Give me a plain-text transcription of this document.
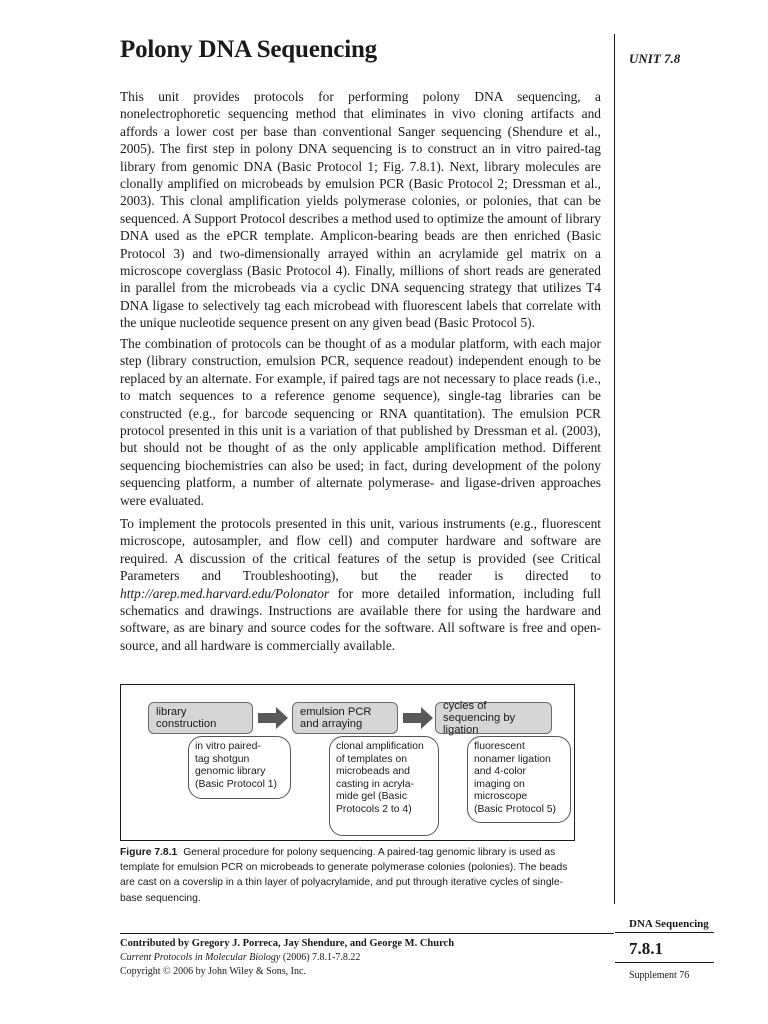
Polony DNA Sequencing	UNIT 7.8

This unit provides protocols for performing polony DNA sequencing, a nonelectrophoretic sequencing method that eliminates in vivo cloning artifacts and affords a lower cost per base than conventional Sanger sequencing (Shendure et al., 2005). The first step in polony DNA sequencing is to construct an in vitro paired-tag library from genomic DNA (Basic Protocol 1; Fig. 7.8.1). Next, library molecules are clonally amplified on microbeads by emulsion PCR (Basic Protocol 2; Dressman et al., 2003). This clonal amplification yields polymerase colonies, or polonies, that can be sequenced. A Support Protocol describes a method used to optimize the amount of library DNA used as the ePCR template. Amplicon-bearing beads are then enriched (Basic Protocol 3) and two-dimensionally arrayed within an acrylamide gel matrix on a microscope coverglass (Basic Protocol 4). Finally, millions of short reads are generated in parallel from the microbeads via a cyclic DNA sequencing strategy that utilizes T4 DNA ligase to selectively tag each microbead with fluorescent labels that correlate with the unique nucleotide sequence present on any given bead (Basic Protocol 5).

The combination of protocols can be thought of as a modular platform, with each major step (library construction, emulsion PCR, sequence readout) independent enough to be replaced by an alternate. For example, if paired tags are not necessary to place reads (i.e., to match sequences to a reference genome sequence), single-tag libraries can be constructed (e.g., for barcode sequencing or RNA quantitation). The emulsion PCR protocol presented in this unit is a variation of that published by Dressman et al. (2003), but should not be thought of as the only applicable amplification method. Different sequencing biochemistries can also be used; in fact, during development of the polony sequencing platform, a number of alternate polymerase- and ligase-driven approaches were evaluated.

To implement the protocols presented in this unit, various instruments (e.g., fluorescent microscope, autosampler, and flow cell) and computer hardware and software are required. A discussion of the critical features of the setup is provided (see Critical Parameters and Troubleshooting), but the reader is directed to http://arep.med.harvard.edu/Polonator for more detailed information, including full schematics and drawings. Instructions are available there for using the hardware and software, as are binary and source codes for the software. All software is free and open-source, and all hardware is commercially available.

library construction
emulsion PCR and arraying
cycles of sequencing by ligation
in vitro paired-
tag shotgun
genomic library
(Basic Protocol 1)
clonal amplification
of templates on
microbeads and
casting in acryla-
mide gel (Basic
Protocols 2 to 4)
fluorescent
nonamer ligation
and 4-color
imaging on
microscope
(Basic Protocol 5)

Figure 7.8.1 General procedure for polony sequencing. A paired-tag genomic library is used as template for emulsion PCR on microbeads to generate polymerase colonies (polonies). The beads are cast on a coverslip in a thin layer of polyacrylamide, and put through iterative cycles of single-base sequencing.

DNA Sequencing
7.8.1
Supplement 76
Contributed by Gregory J. Porreca, Jay Shendure, and George M. Church
Current Protocols in Molecular Biology (2006) 7.8.1-7.8.22
Copyright © 2006 by John Wiley & Sons, Inc.
